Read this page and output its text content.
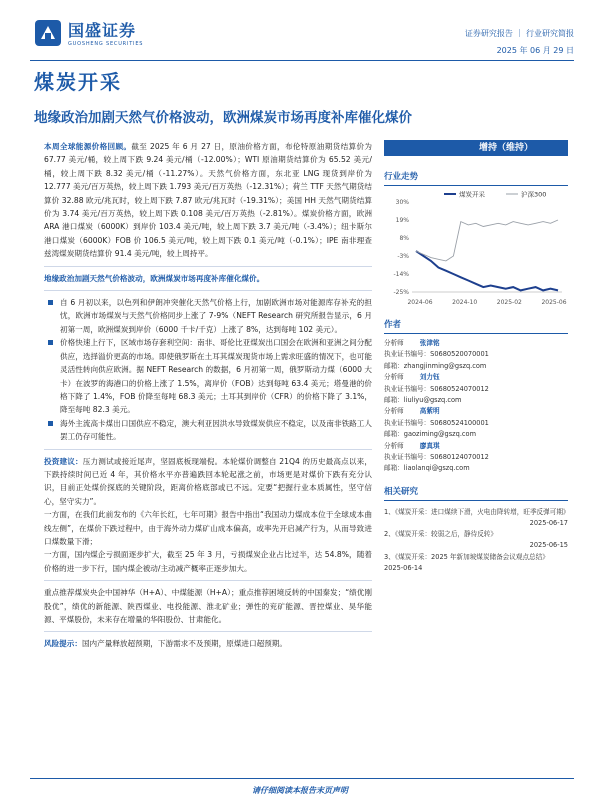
国盛证券
GUOSHENG SECURITIES
证券研究报告 ｜ 行业研究简报
2025 年 06 月 29 日
煤炭开采
地缘政治加剧天然气价格波动，欧洲煤炭市场再度补库催化煤价

本周全球能源价格回顾。截至 2025 年 6 月 27 日，原油价格方面，布伦特原油期货结算价为 67.77 美元/桶，较上周下跌 9.24 美元/桶（-12.00%）；WTI 原油期货结算价为 65.52 美元/桶，较上周下跌 8.32 美元/桶（-11.27%）。天然气价格方面，东北亚 LNG 现货到岸价为 12.777 美元/百万英热，较上周下跌 1.793 美元/百万英热（-12.31%）；荷兰 TTF 天然气期货结算价 32.88 欧元/兆瓦时，较上周下跌 7.87 欧元/兆瓦时（-19.31%）；美国 HH 天然气期货结算价为 3.74 美元/百万英热，较上周下跌 0.108 美元/百万英热（-2.81%）。煤炭价格方面，欧洲 ARA 港口煤炭（6000K）到岸价 103.4 美元/吨，较上周下跌 3.7 美元/吨（-3.4%）；纽卡斯尔港口煤炭（6000K）FOB 价 106.5 美元/吨，较上周下跌 0.1 美元/吨（-0.1%）；IPE 南非理查兹湾煤炭期货结算价 91.4 美元/吨，较上周持平。

地缘政治加剧天然气价格波动，欧洲煤炭市场再度补库催化煤价。

自 6 月初以来，以色列和伊朗冲突催化天然气价格上行，加剧欧洲市场对能源库存补充的担忧，欧洲市场煤炭与天然气价格同步上涨了 7-9%（NEFT Research 研究所报告显示，6 月初第一周，欧洲煤炭到岸价（6000 千卡/千克）上涨了 8%，达到每吨 102 美元）。

价格快速上行下，区域市场存套利空间：南非、哥伦比亚煤炭出口国会在欧洲和亚洲之间分配供应，选择溢价更高的市场。即使俄罗斯在土耳其煤炭现货市场上需求旺盛的情况下，也可能灵活性转向供应欧洲。据 NEFT Research 的数据，6 月初第一周，俄罗斯动力煤（6000 大卡）在波罗的海港口的价格上涨了 1.5%，离岸价（FOB）达到每吨 63.4 美元；塔曼港的价格下降了 1.4%，FOB 价降至每吨 68.3 美元；土耳其到岸价（CFR）的价格下降了 3.1%，降至每吨 82.3 美元。

海外主流高卡煤出口国供应不稳定，澳大利亚因洪水导致煤炭供应不稳定，以及南非铁路工人罢工仍存可能性。

投资建议：压力测试或接近尾声，坚固底板现端倪。本轮煤价调整自 21Q4 的历史最高点以来，下跌持续时间已近 4 年，其价格水平亦普遍跌回本轮起涨之前，市场更是对煤价下跌有充分认识，目前正处煤价探底的关键阶段，距离价格底部或已不远。定要“把握行业本质属性，坚守信心，坚守实力”。

一方面，在我们此前发布的《六年长红，七年可期》报告中指出“我国动力煤成本位于全球成本曲线左侧”，在煤价下跌过程中，由于海外动力煤矿山成本偏高，或率先开启减产行为，从而导致进口煤数量下滑；

一方面，国内煤企亏损面逐步扩大，截至 25 年 3 月，亏损煤炭企业占比过半，达 54.8%，随着价格的进一步下行，国内煤企被动/主动减产概率正逐步加大。

重点推荐煤炭央企中国神华（H+A）、中煤能源（H+A）；重点推荐困境反转的中国秦发；“绩优刚股优”，绩优的新能源、陕西煤业、电投能源、淮北矿业；弹性的兖矿能源、晋控煤业、昊华能源、平煤股份，未来存在增量的华阳股份、甘肃能化。

风险提示：国内产量释放超预期，下游需求不及预期，原煤进口超预期。

增持（维持）
行业走势
30%
19%
8%
-3%
-14%
-25%
2024-06	2024-10	2025-02	2025-06
煤炭开采	沪深300
作者
分析师 张津铭
执业证书编号：S0680520070001
邮箱：zhangjinming@gszq.com
分析师 刘力钰
执业证书编号：S0680524070012
邮箱：liuliyu@gszq.com
分析师 高紫明
执业证书编号：S0680524100001
邮箱：gaoziming@gszq.com
分析师 廖真琪
执业证书编号：S0680124070012
邮箱：liaolanqi@gszq.com
相关研究
1、《煤炭开采：进口煤续下滑，火电由降转增，旺季反弹可期》
2025-06-17
2、《煤炭开采：较弱之后，静待反转》
2025-06-15
3、《煤炭开采：2025 年新加坡煤炭储备会议观点总结》
2025-06-14
请仔细阅读本报告末页声明
